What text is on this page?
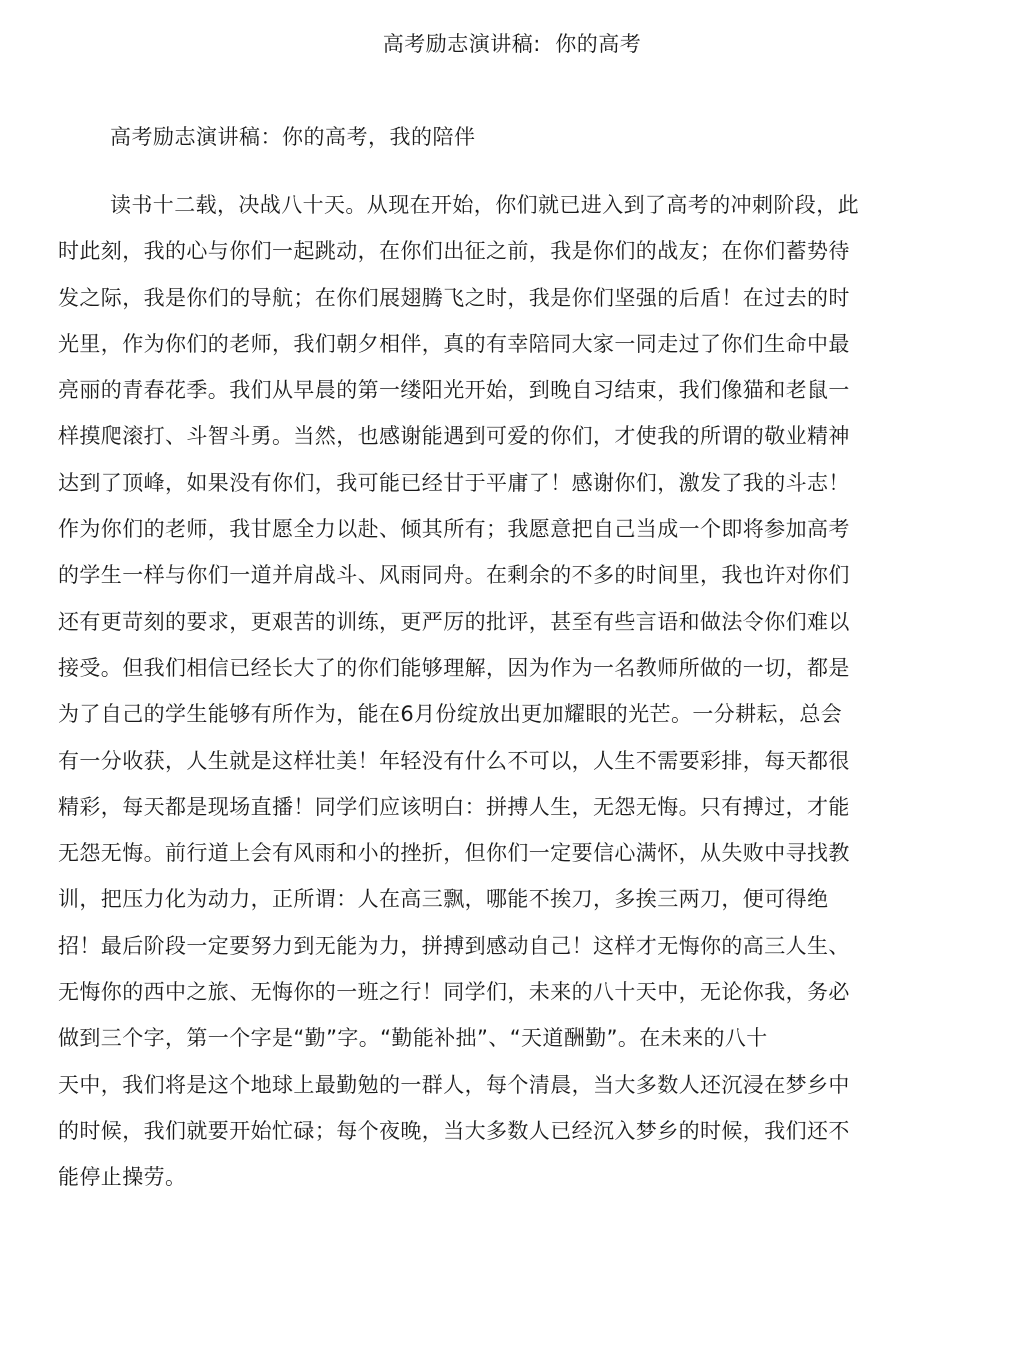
高考励志演讲稿:  你的高考
高考励志演讲稿：你的高考，我的陪伴
读书十二载，决战八十天。从现在开始，你们就已进入到了高考的冲刺阶段，此
时此刻，我的心与你们一起跳动，在你们出征之前，我是你们的战友；在你们蓄势待
发之际，我是你们的导航；在你们展翅腾飞之时，我是你们坚强的后盾！在过去的时
光里，作为你们的老师，我们朝夕相伴，真的有幸陪同大家一同走过了你们生命中最
亮丽的青春花季。我们从早晨的第一缕阳光开始，到晚自习结束，我们像猫和老鼠一
样摸爬滚打、斗智斗勇。当然，也感谢能遇到可爱的你们，才使我的所谓的敬业精神
达到了顶峰，如果没有你们，我可能已经甘于平庸了！感谢你们，激发了我的斗志！
作为你们的老师，我甘愿全力以赴、倾其所有；我愿意把自己当成一个即将参加高考
的学生一样与你们一道并肩战斗、风雨同舟。在剩余的不多的时间里，我也许对你们
还有更苛刻的要求，更艰苦的训练，更严厉的批评，甚至有些言语和做法令你们难以
接受。但我们相信已经长大了的你们能够理解，因为作为一名教师所做的一切，都是
为了自己的学生能够有所作为，能在6月份绽放出更加耀眼的光芒。一分耕耘，总会
有一分收获，人生就是这样壮美！年轻没有什么不可以，人生不需要彩排，每天都很
精彩，每天都是现场直播！同学们应该明白：拼搏人生，无怨无悔。只有搏过，才能
无怨无悔。前行道上会有风雨和小的挫折，但你们一定要信心满怀，从失败中寻找教
训，把压力化为动力，正所谓：人在高三飘，哪能不挨刀，多挨三两刀，便可得绝
招！最后阶段一定要努力到无能为力，拼搏到感动自己！这样才无悔你的高三人生、
无悔你的西中之旅、无悔你的一班之行！同学们，未来的八十天中，无论你我，务必
做到三个字，第一个字是“勤”字。“勤能补拙”、“天道酬勤”。在未来的八十
天中，我们将是这个地球上最勤勉的一群人，每个清晨，当大多数人还沉浸在梦乡中
的时候，我们就要开始忙碌；每个夜晚，当大多数人已经沉入梦乡的时候，我们还不
能停止操劳。
